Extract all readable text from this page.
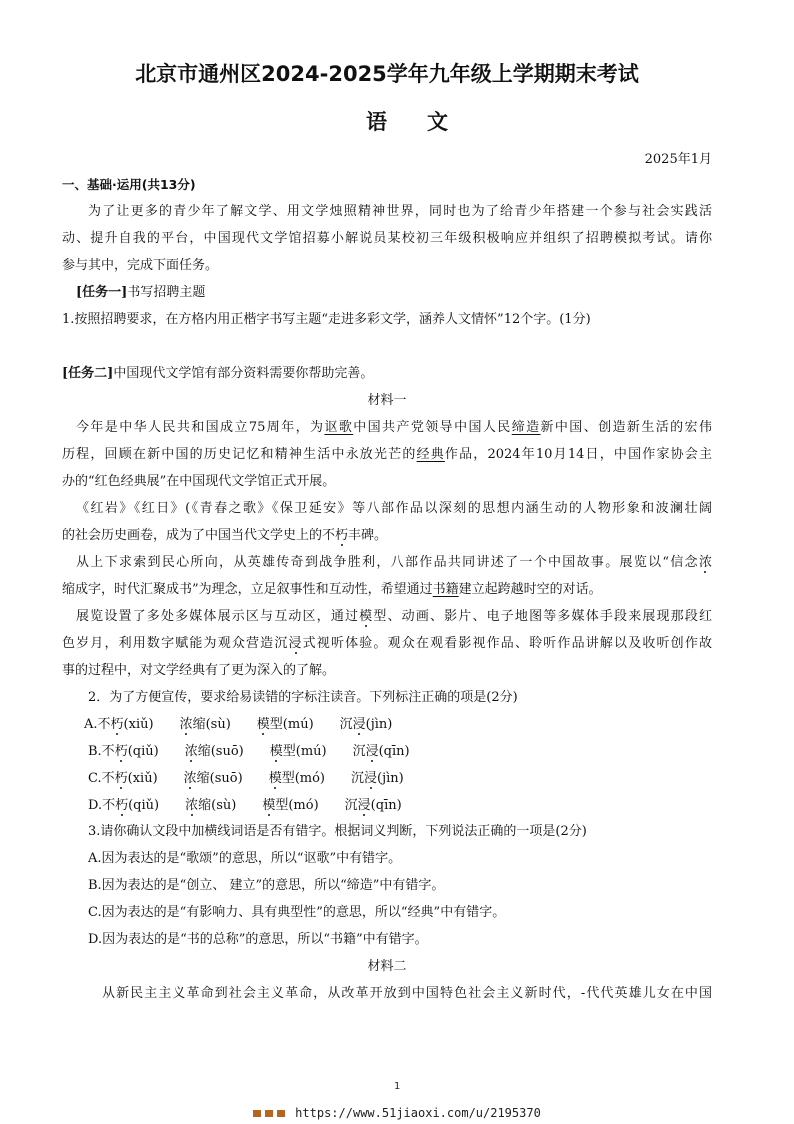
北京市通州区2024-2025学年九年级上学期期末考试
语文
2025年1月
一、基础·运用(共13分)
为了让更多的青少年了解文学、用文学烛照精神世界，同时也为了给青少年搭建一个参与社会实践活
动、提升自我的平台，中国现代文学馆招募小解说员某校初三年级积极响应并组织了招聘模拟考试。请你
参与其中，完成下面任务。
[任务一]书写招聘主题
1.按照招聘要求，在方格内用正楷字书写主题“走进多彩文学，涵养人文情怀”12个字。(1分)
[任务二]中国现代文学馆有部分资料需要你帮助完善。
材料一
今年是中华人民共和国成立75周年，为讴歌中国共产党领导中国人民缔造新中国、创造新生活的宏伟
历程，回顾在新中国的历史记忆和精神生活中永放光芒的经典作品，2024年10月14日，中国作家协会主
办的“红色经典展”在中国现代文学馆正式开展。
《红岩》《红日》(《青春之歌》《保卫延安》等八部作品以深刻的思想内涵生动的人物形象和波澜壮阔
的社会历史画卷，成为了中国当代文学史上的不朽丰碑。
从上下求索到民心所向，从英雄传奇到战争胜利，八部作品共同讲述了一个中国故事。展览以“信念浓
缩成字，时代汇聚成书”为理念，立足叙事性和互动性，希望通过书籍建立起跨越时空的对话。
展览设置了多处多媒体展示区与互动区，通过模型、动画、影片、电子地图等多媒体手段来展现那段红
色岁月，利用数字赋能为观众营造沉浸式视听体验。观众在观看影视作品、聆听作品讲解以及收听创作故
事的过程中，对文学经典有了更为深入的了解。
2．为了方便宣传，要求给易读错的字标注读音。下列标注正确的项是(2分)
A.不朽(xiǔ)　　浓缩(sù)　　模型(mú)　　沉浸(jìn)
B.不朽(qiǔ)　　浓缩(suō)　　模型(mú)　　沉浸(qīn)
C.不朽(xiǔ)　　浓缩(suō)　　模型(mó)　　沉浸(jìn)
D.不朽(qiǔ)　　浓缩(sù)　　模型(mó)　　沉浸(qīn)
3.请你确认文段中加横线词语是否有错字。根据词义判断，下列说法正确的一项是(2分)
A.因为表达的是“歌颂”的意思，所以“讴歌”中有错字。
B.因为表达的是“创立、 建立”的意思，所以“缔造”中有错字。
C.因为表达的是“有影响力、具有典型性”的意思，所以“经典”中有错字。
D.因为表达的是“书的总称”的意思，所以“书籍”中有错字。
材料二
从新民主主义革命到社会主义革命，从改革开放到中国特色社会主义新时代，-代代英雄儿女在中国
1
https://www.51jiaoxi.com/u/2195370
